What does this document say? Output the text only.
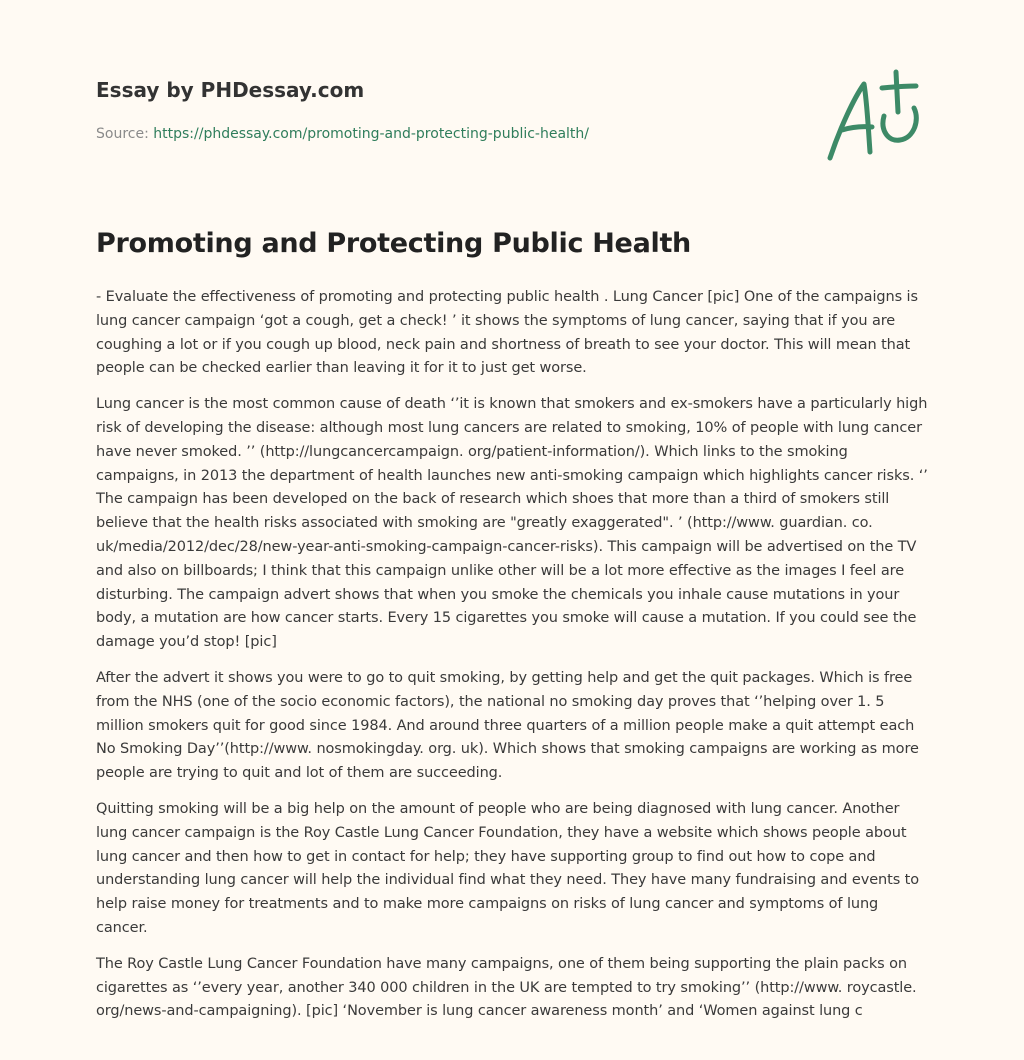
Essay by PHDessay.com
Source: https://phdessay.com/promoting-and-protecting-public-health/
Promoting and Protecting Public Health

- Evaluate the effectiveness of promoting and protecting public health . Lung Cancer [pic] One of the campaigns is lung cancer campaign ‘got a cough, get a check! ’ it shows the symptoms of lung cancer, saying that if you are coughing a lot or if you cough up blood, neck pain and shortness of breath to see your doctor. This will mean that people can be checked earlier than leaving it for it to just get worse.

Lung cancer is the most common cause of death ‘’it is known that smokers and ex-smokers have a particularly high risk of developing the disease: although most lung cancers are related to smoking, 10% of people with lung cancer have never smoked. ’’ (http://lungcancercampaign. org/patient-information/). Which links to the smoking campaigns, in 2013 the department of health launches new anti-smoking campaign which highlights cancer risks. ‘’ The campaign has been developed on the back of research which shoes that more than a third of smokers still believe that the health risks associated with smoking are "greatly exaggerated". ’ (http://www. guardian. co. uk/media/2012/dec/28/new-year-anti-smoking-campaign-cancer-risks). This campaign will be advertised on the TV and also on billboards; I think that this campaign unlike other will be a lot more effective as the images I feel are disturbing. The campaign advert shows that when you smoke the chemicals you inhale cause mutations in your body, a mutation are how cancer starts. Every 15 cigarettes you smoke will cause a mutation. If you could see the damage you’d stop! [pic]

After the advert it shows you were to go to quit smoking, by getting help and get the quit packages. Which is free from the NHS (one of the socio economic factors), the national no smoking day proves that ‘’helping over 1. 5 million smokers quit for good since 1984. And around three quarters of a million people make a quit attempt each No Smoking Day’’(http://www. nosmokingday. org. uk). Which shows that smoking campaigns are working as more people are trying to quit and lot of them are succeeding.

Quitting smoking will be a big help on the amount of people who are being diagnosed with lung cancer. Another lung cancer campaign is the Roy Castle Lung Cancer Foundation, they have a website which shows people about lung cancer and then how to get in contact for help; they have supporting group to find out how to cope and understanding lung cancer will help the individual find what they need. They have many fundraising and events to help raise money for treatments and to make more campaigns on risks of lung cancer and symptoms of lung cancer.

The Roy Castle Lung Cancer Foundation have many campaigns, one of them being supporting the plain packs on cigarettes as ‘’every year, another 340 000 children in the UK are tempted to try smoking’’ (http://www. roycastle. org/news-and-campaigning). [pic] ‘November is lung cancer awareness month’ and ‘Women against lung c
